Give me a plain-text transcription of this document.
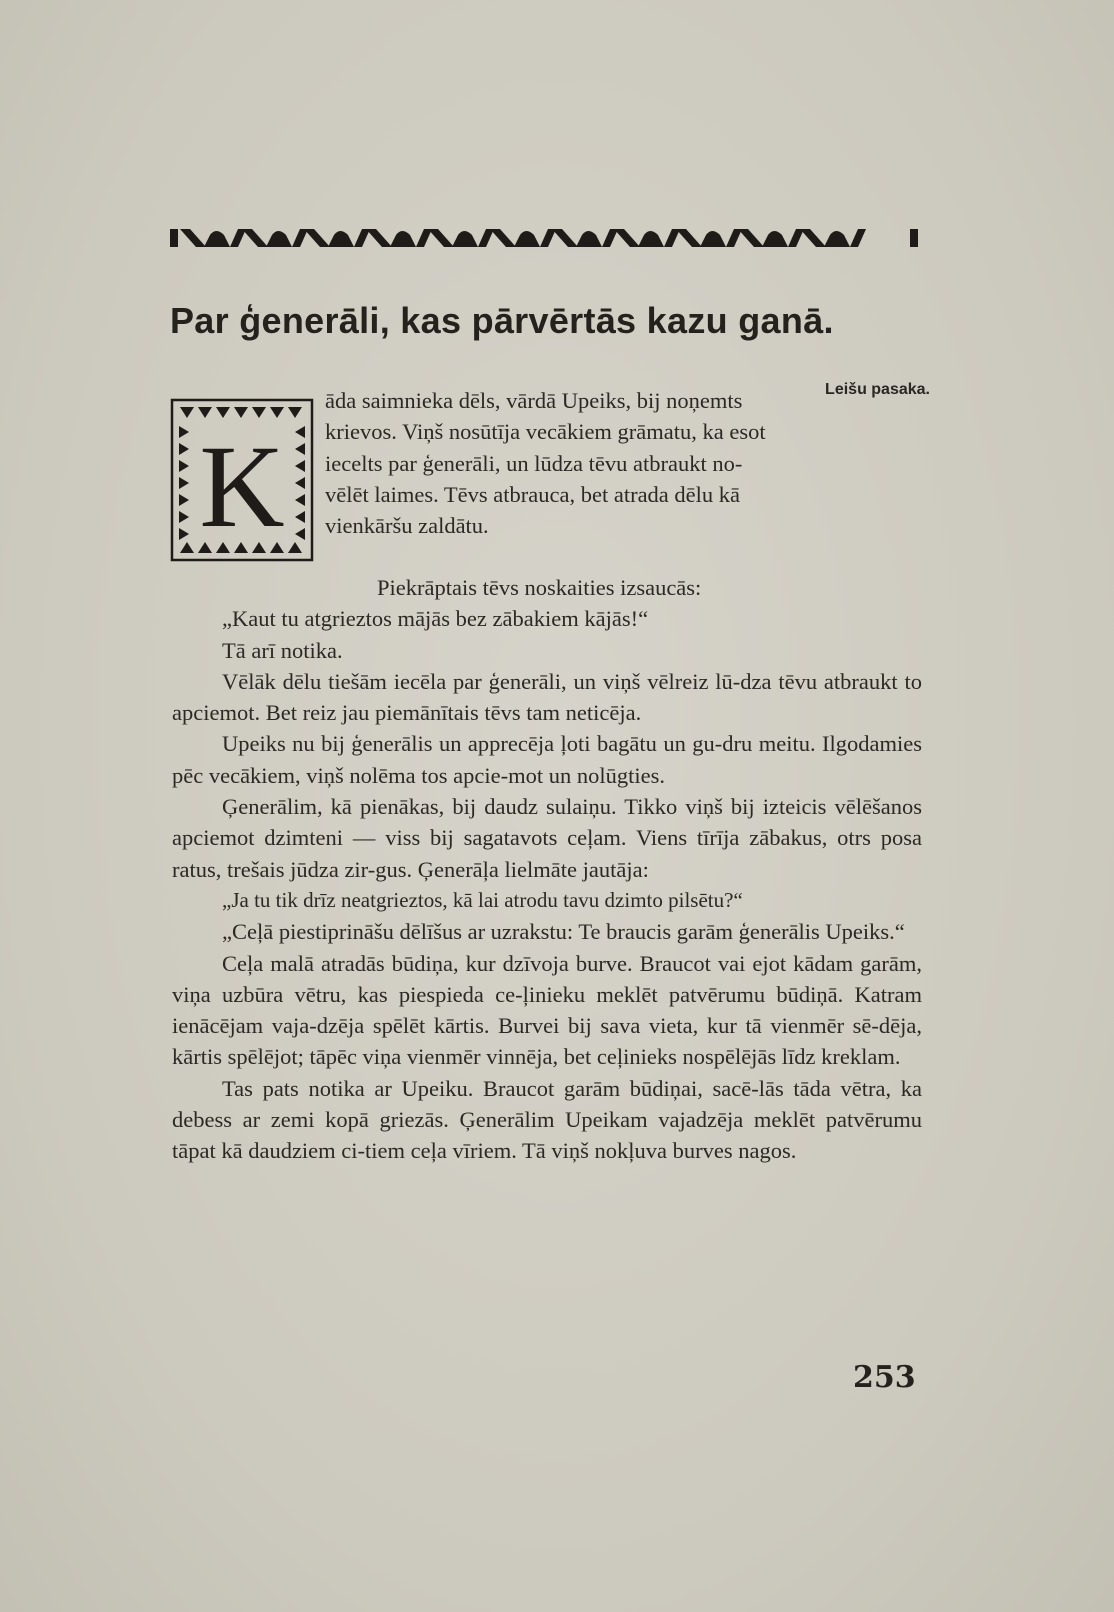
Par ģenerāli, kas pārvērtās kazu ganā.
Leišu pasaka.
K

āda saimnieka dēls, vārdā Upeiks, bij noņemts

krievos. Viņš nosūtīja vecākiem grāmatu, ka esot

iecelts par ģenerāli, un lūdza tēvu atbraukt no-

vēlēt laimes. Tēvs atbrauca, bet atrada dēlu kā

vienkāršu zaldātu.

Piekrāptais tēvs noskaities izsaucās:

„Kaut tu atgrieztos mājās bez zābakiem kājās!“

Tā arī notika.

Vēlāk dēlu tiešām iecēla par ģenerāli, un viņš vēlreiz lū-dza tēvu atbraukt to apciemot. Bet reiz jau piemānītais tēvs tam neticēja.

Upeiks nu bij ģenerālis un apprecēja ļoti bagātu un gu-dru meitu. Ilgodamies pēc vecākiem, viņš nolēma tos apcie-mot un nolūgties.

Ģenerālim, kā pienākas, bij daudz sulaiņu. Tikko viņš bij izteicis vēlēšanos apciemot dzimteni — viss bij sagatavots ceļam. Viens tīrīja zābakus, otrs posa ratus, trešais jūdza zir-gus. Ģenerāļa lielmāte jautāja:

„Ja tu tik drīz neatgrieztos, kā lai atrodu tavu dzimto pilsētu?“

„Ceļā piestiprināšu dēlīšus ar uzrakstu: Te braucis garām ģenerālis Upeiks.“

Ceļa malā atradās būdiņa, kur dzīvoja burve. Braucot vai ejot kādam garām, viņa uzbūra vētru, kas piespieda ce-ļinieku meklēt patvērumu būdiņā. Katram ienācējam vaja-dzēja spēlēt kārtis. Burvei bij sava vieta, kur tā vienmēr sē-dēja, kārtis spēlējot; tāpēc viņa vienmēr vinnēja, bet ceļinieks nospēlējās līdz kreklam.

Tas pats notika ar Upeiku. Braucot garām būdiņai, sacē-lās tāda vētra, ka debess ar zemi kopā griezās. Ģenerālim Upeikam vajadzēja meklēt patvērumu tāpat kā daudziem ci-tiem ceļa vīriem. Tā viņš nokļuva burves nagos.

253
